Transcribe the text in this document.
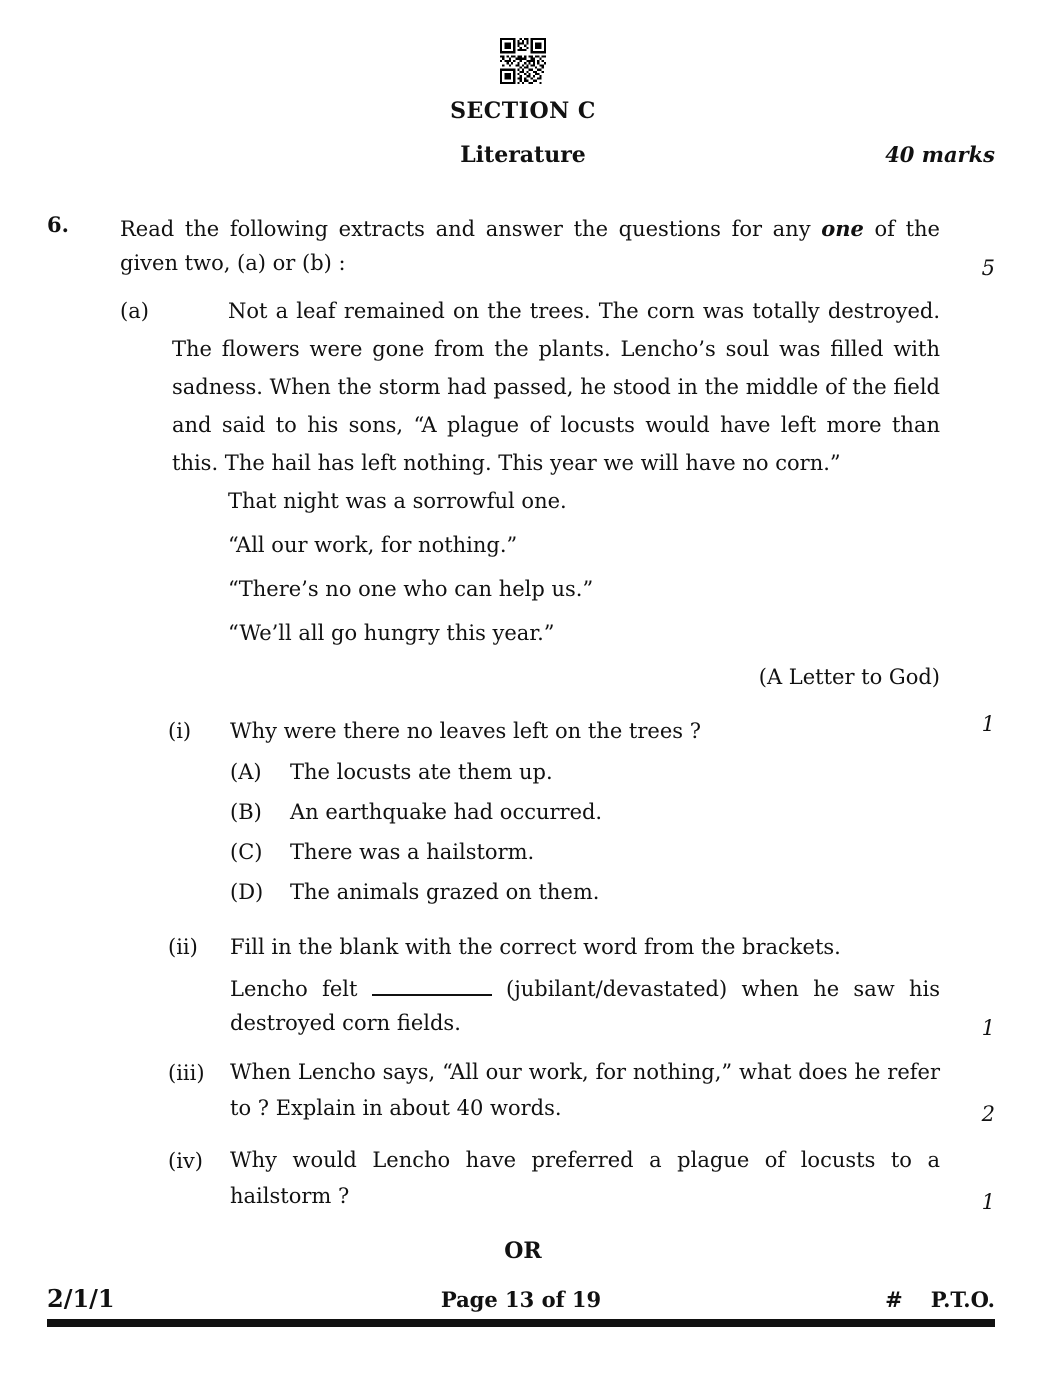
SECTION C
Literature	40 marks
6.	Read the following extracts and answer the questions for any one of the given two, (a) or (b) :	5
(a)	Not a leaf remained on the trees. The corn was totally destroyed. The flowers were gone from the plants. Lencho’s soul was filled with sadness. When the storm had passed, he stood in the middle of the field and said to his sons, “A plague of locusts would have left more than this. The hail has left nothing. This year we will have no corn.”
That night was a sorrowful one.
“All our work, for nothing.”
“There’s no one who can help us.”
“We’ll all go hungry this year.”
(A Letter to God)
(i)	Why were there no leaves left on the trees ?
(A)	The locusts ate them up.
(B)	An earthquake had occurred.
(C)	There was a hailstorm.
(D)	The animals grazed on them.
1
(ii)	Fill in the blank with the correct word from the brackets.
Lencho felt	(jubilant/devastated) when he saw his destroyed corn fields.	1
(iii)	When Lencho says, “All our work, for nothing,” what does he refer to ? Explain in about 40 words.	2
(iv)	Why would Lencho have preferred a plague of locusts to a hailstorm ?	1
OR
2/1/1	Page 13 of 19	# P.T.O.
